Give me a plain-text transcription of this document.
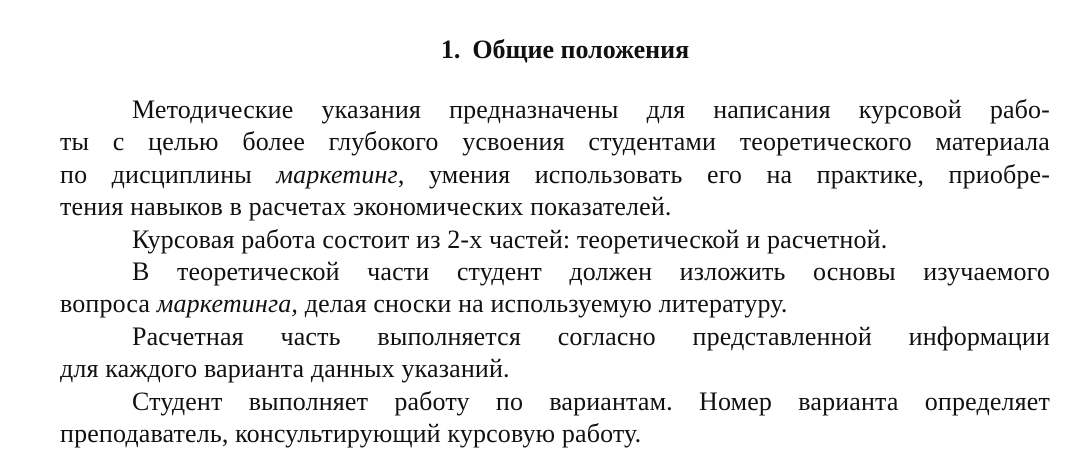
1. Общие положения
Методические указания предназначены для написания курсовой рабо-
ты с целью более глубокого усвоения студентами теоретического материала
по дисциплины маркетинг, умения использовать его на практике, приобре-
тения навыков в расчетах экономических показателей.
Курсовая работа состоит из 2-х частей: теоретической и расчетной.
В теоретической части студент должен изложить основы изучаемого
вопроса маркетинга, делая сноски на используемую литературу.
Расчетная часть выполняется согласно представленной информации
для каждого варианта данных указаний.
Студент выполняет работу по вариантам. Номер варианта определяет
преподаватель, консультирующий курсовую работу.
